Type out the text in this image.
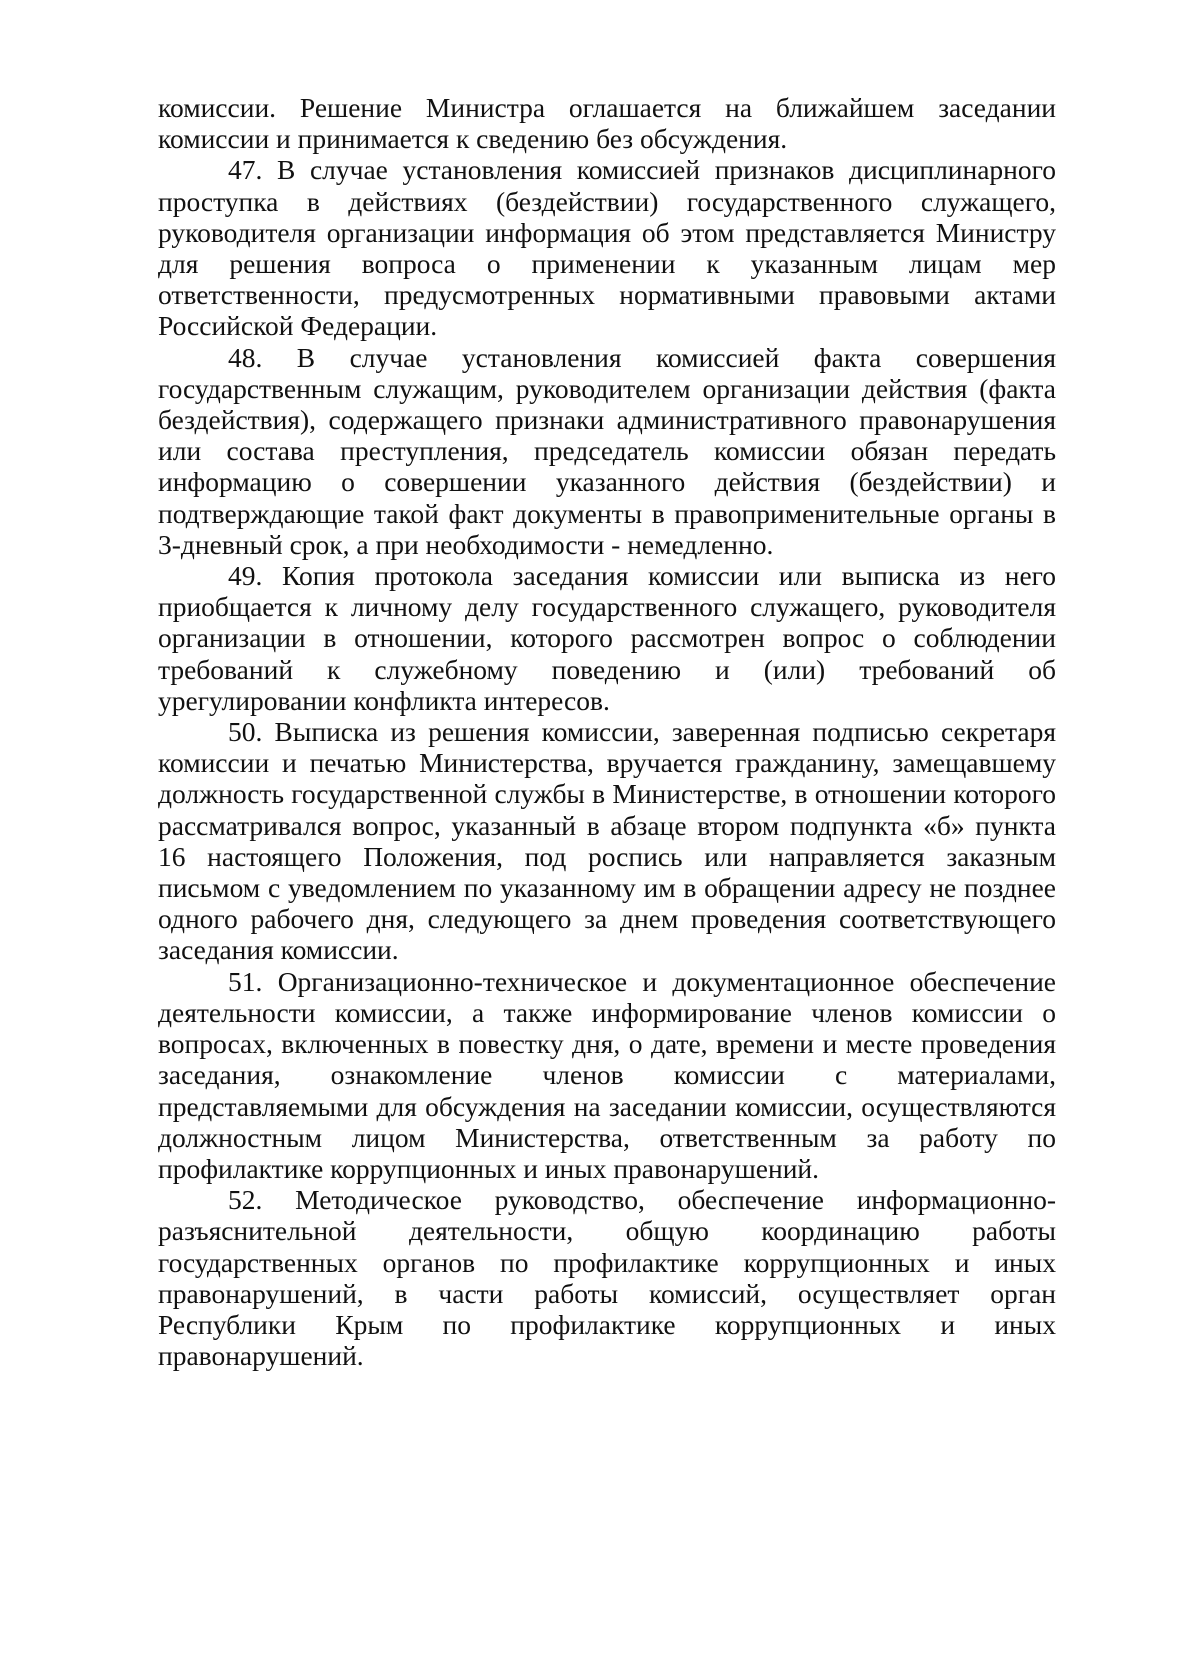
комиссии. Решение Министра оглашается на ближайшем заседании комиссии и принимается к сведению без обсуждения.

47. В случае установления комиссией признаков дисциплинарного проступка в действиях (бездействии) государственного служащего, руководителя организации информация об этом представляется Министру для решения вопроса о применении к указанным лицам мер ответственности, предусмотренных нормативными правовыми актами Российской Федерации.

48. В случае установления комиссией факта совершения государственным служащим, руководителем организации действия (факта бездействия), содержащего признаки административного правонарушения или состава преступления, председатель комиссии обязан передать информацию о совершении указанного действия (бездействии) и подтверждающие такой факт документы в правоприменительные органы в 3-дневный срок, а при необходимости - немедленно.

49. Копия протокола заседания комиссии или выписка из него приобщается к личному делу государственного служащего, руководителя организации в отношении, которого рассмотрен вопрос о соблюдении требований к служебному поведению и (или) требований об урегулировании конфликта интересов.

50. Выписка из решения комиссии, заверенная подписью секретаря комиссии и печатью Министерства, вручается гражданину, замещавшему должность государственной службы в Министерстве, в отношении которого рассматривался вопрос, указанный в абзаце втором подпункта «б» пункта 16 настоящего Положения, под роспись или направляется заказным письмом с уведомлением по указанному им в обращении адресу не позднее одного рабочего дня, следующего за днем проведения соответствующего заседания комиссии.

51. Организационно-техническое и документационное обеспечение деятельности комиссии, а также информирование членов комиссии о вопросах, включенных в повестку дня, о дате, времени и месте проведения заседания, ознакомление членов комиссии с материалами, представляемыми для обсуждения на заседании комиссии, осуществляются должностным лицом Министерства, ответственным за работу по профилактике коррупционных и иных правонарушений.

52. Методическое руководство, обеспечение информационно-разъяснительной деятельности, общую координацию работы государственных органов по профилактике коррупционных и иных правонарушений, в части работы комиссий, осуществляет орган Республики Крым по профилактике коррупционных и иных правонарушений.
